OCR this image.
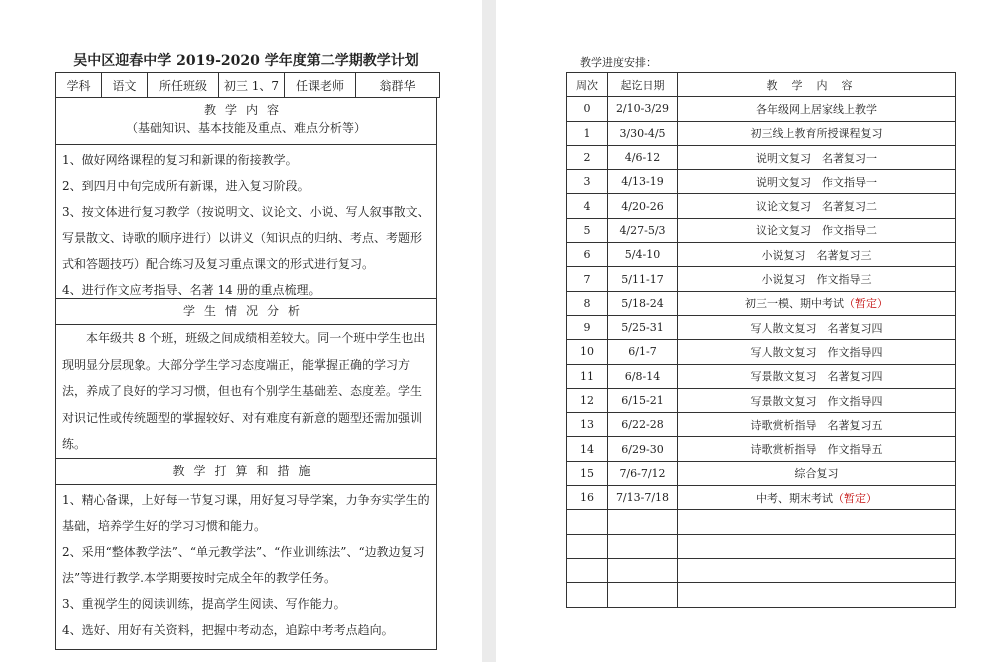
吴中区迎春中学 2019-2020 学年度第二学期教学计划
学科	语文	所任班级	初三 1、7	任课老师	翁群华
教学内容
（基础知识、基本技能及重点、难点分析等）
1、做好网络课程的复习和新课的衔接教学。
2、到四月中旬完成所有新课，进入复习阶段。
3、按文体进行复习教学（按说明文、议论文、小说、写人叙事散文、写景散文、诗歌的顺序进行）以讲义（知识点的归纳、考点、考题形式和答题技巧）配合练习及复习重点课文的形式进行复习。
4、进行作文应考指导、名著 14 册的重点梳理。
学生情况分析
本年级共 8 个班，班级之间成绩相差较大。同一个班中学生也出现明显分层现象。大部分学生学习态度端正，能掌握正确的学习方法，养成了良好的学习习惯，但也有个别学生基础差、态度差。学生对识记性或传统题型的掌握较好、对有难度有新意的题型还需加强训练。
教学打算和措施
1、精心备课，上好每一节复习课，用好复习导学案，力争夯实学生的基础，培养学生好的学习习惯和能力。
2、采用“整体教学法”、“单元教学法”、“作业训练法”、“边教边复习法”等进行教学.本学期要按时完成全年的教学任务。
3、重视学生的阅读训练，提高学生阅读、写作能力。
4、选好、用好有关资料，把握中考动态，追踪中考考点趋向。
教学进度安排：
周次	起讫日期	教学内容
0	2/10-3/29	各年级网上居家线上教学
1	3/30-4/5	初三线上教育所授课程复习
2	4/6-12	说明文复习　名著复习一
3	4/13-19	说明文复习　作文指导一
4	4/20-26	议论文复习　名著复习二
5	4/27-5/3	议论文复习　作文指导二
6	5/4-10	小说复习　名著复习三
7	5/11-17	小说复习　作文指导三
8	5/18-24	初三一模、期中考试（暂定）
9	5/25-31	写人散文复习　名著复习四
10	6/1-7	写人散文复习　作文指导四
11	6/8-14	写景散文复习　名著复习四
12	6/15-21	写景散文复习　作文指导四
13	6/22-28	诗歌赏析指导　名著复习五
14	6/29-30	诗歌赏析指导　作文指导五
15	7/6-7/12	综合复习
16	7/13-7/18	中考、期末考试（暂定）
